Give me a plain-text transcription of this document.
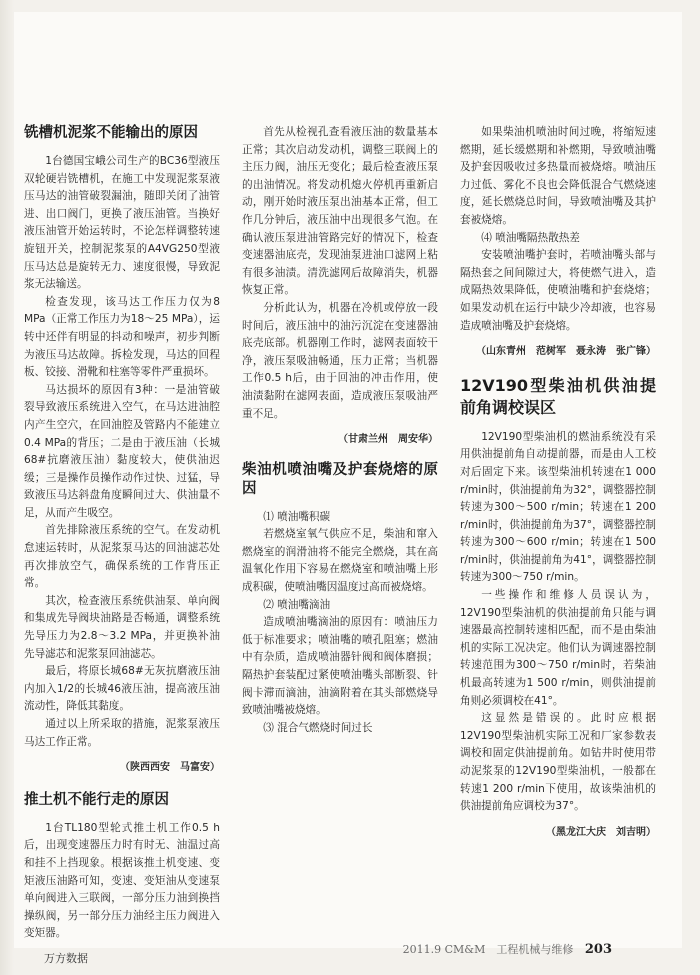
铣槽机泥浆不能输出的原因

1台德国宝峨公司生产的BC36型液压双轮硬岩铣槽机，在施工中发现泥浆泵液压马达的油管破裂漏油，随即关闭了油管进、出口阀门，更换了液压油管。当换好液压油管开始运转时，不论怎样调整转速旋钮开关，控制泥浆泵的A4VG250型液压马达总是旋转无力、速度很慢，导致泥浆无法输送。

检查发现，该马达工作压力仅为8 MPa（正常工作压力为18～25 MPa），运转中还伴有明显的抖动和噪声，初步判断为液压马达故障。拆检发现，马达的回程板、铰接、滑靴和柱塞等零件严重损坏。

马达损坏的原因有3种：一是油管破裂导致液压系统进入空气，在马达进油腔内产生空穴，在回油腔及管路内不能建立0.4 MPa的背压；二是由于液压油（长城68#抗磨液压油）黏度较大，使供油迟缓；三是操作员操作动作过快、过猛，导致液压马达斜盘角度瞬间过大、供油量不足，从而产生吸空。

首先排除液压系统的空气。在发动机怠速运转时，从泥浆泵马达的回油滤芯处再次排放空气，确保系统的工作背压正常。

其次，检查液压系统供油泵、单向阀和集成先导阀块油路是否畅通，调整系统先导压力为2.8～3.2 MPa，并更换补油先导滤芯和泥浆泵回油滤芯。

最后，将原长城68#无灰抗磨液压油内加入1/2的长城46液压油，提高液压油流动性，降低其黏度。

通过以上所采取的措施，泥浆泵液压马达工作正常。

（陕西西安　马富安）
推土机不能行走的原因

1台TL180型轮式推土机工作0.5 h后，出现变速器压力时有时无、油温过高和挂不上挡现象。根据该推土机变速、变矩液压油路可知，变速、变矩油从变速泵单向阀进入三联阀，一部分压力油到换挡操纵阀，另一部分压力油经主压力阀进入变矩器。

首先从检视孔查看液压油的数量基本正常；其次启动发动机，调整三联阀上的主压力阀，油压无变化；最后检查液压泵的出油情况。将发动机熄火停机再重新启动，刚开始时液压泵出油基本正常，但工作几分钟后，液压油中出现很多气泡。在确认液压泵进油管路完好的情况下，检查变速器油底壳，发现油泵进油口滤网上粘有很多油渍。清洗滤网后故障消失，机器恢复正常。

分析此认为，机器在冷机或停放一段时间后，液压油中的油污沉淀在变速器油底壳底部。机器刚工作时，滤网表面较干净，液压泵吸油畅通，压力正常；当机器工作0.5 h后，由于回油的冲击作用，使油渍黏附在滤网表面，造成液压泵吸油严重不足。

（甘肃兰州　周安华）
柴油机喷油嘴及护套烧熔的原因

⑴ 喷油嘴积碳

若燃烧室氧气供应不足，柴油和窜入燃烧室的润滑油将不能完全燃烧，其在高温氧化作用下容易在燃烧室和喷油嘴上形成积碳，使喷油嘴因温度过高而被烧熔。

⑵ 喷油嘴滴油

造成喷油嘴滴油的原因有：喷油压力低于标准要求；喷油嘴的喷孔阻塞；燃油中有杂质，造成喷油器针阀和阀体磨损；隔热护套装配过紧使喷油嘴头部断裂、针阀卡滞而滴油，油滴附着在其头部燃烧导致喷油嘴被烧熔。

⑶ 混合气燃烧时间过长

如果柴油机喷油时间过晚，将缩短速燃期，延长缓燃期和补燃期，导致喷油嘴及护套因吸收过多热量而被烧熔。喷油压力过低、雾化不良也会降低混合气燃烧速度，延长燃烧总时间，导致喷油嘴及其护套被烧熔。

⑷ 喷油嘴隔热散热差

安装喷油嘴护套时，若喷油嘴头部与隔热套之间间隙过大，将使燃气进入，造成隔热效果降低，使喷油嘴和护套烧熔；如果发动机在运行中缺少冷却液，也容易造成喷油嘴及护套烧熔。

（山东青州　范树军　聂永涛　张广锋）
12V190型柴油机供油提前角调校误区

12V190型柴油机的燃油系统没有采用供油提前角自动提前器，而是由人工校对后固定下来。该型柴油机转速在1 000 r/min时，供油提前角为32°，调整器控制转速为300～500 r/min；转速在1 200 r/min时，供油提前角为37°，调整器控制转速为300～600 r/min；转速在1 500 r/min时，供油提前角为41°，调整器控制转速为300～750 r/min。

一些操作和维修人员误认为，12V190型柴油机的供油提前角只能与调速器最高控制转速相匹配，而不是由柴油机的实际工况决定。他们认为调速器控制转速范围为300～750 r/min时，若柴油机最高转速为1 500 r/min，则供油提前角则必须调校在41°。

这显然是错误的。此时应根据12V190型柴油机实际工况和厂家参数表调校和固定供油提前角。如钻井时使用带动泥浆泵的12V190型柴油机，一般都在转速1 200 r/min下使用，故该柴油机的供油提前角应调校为37°。

（黑龙江大庆　刘吉明）
2011.9 CM&M　工程机械与维修 203
万方数据
